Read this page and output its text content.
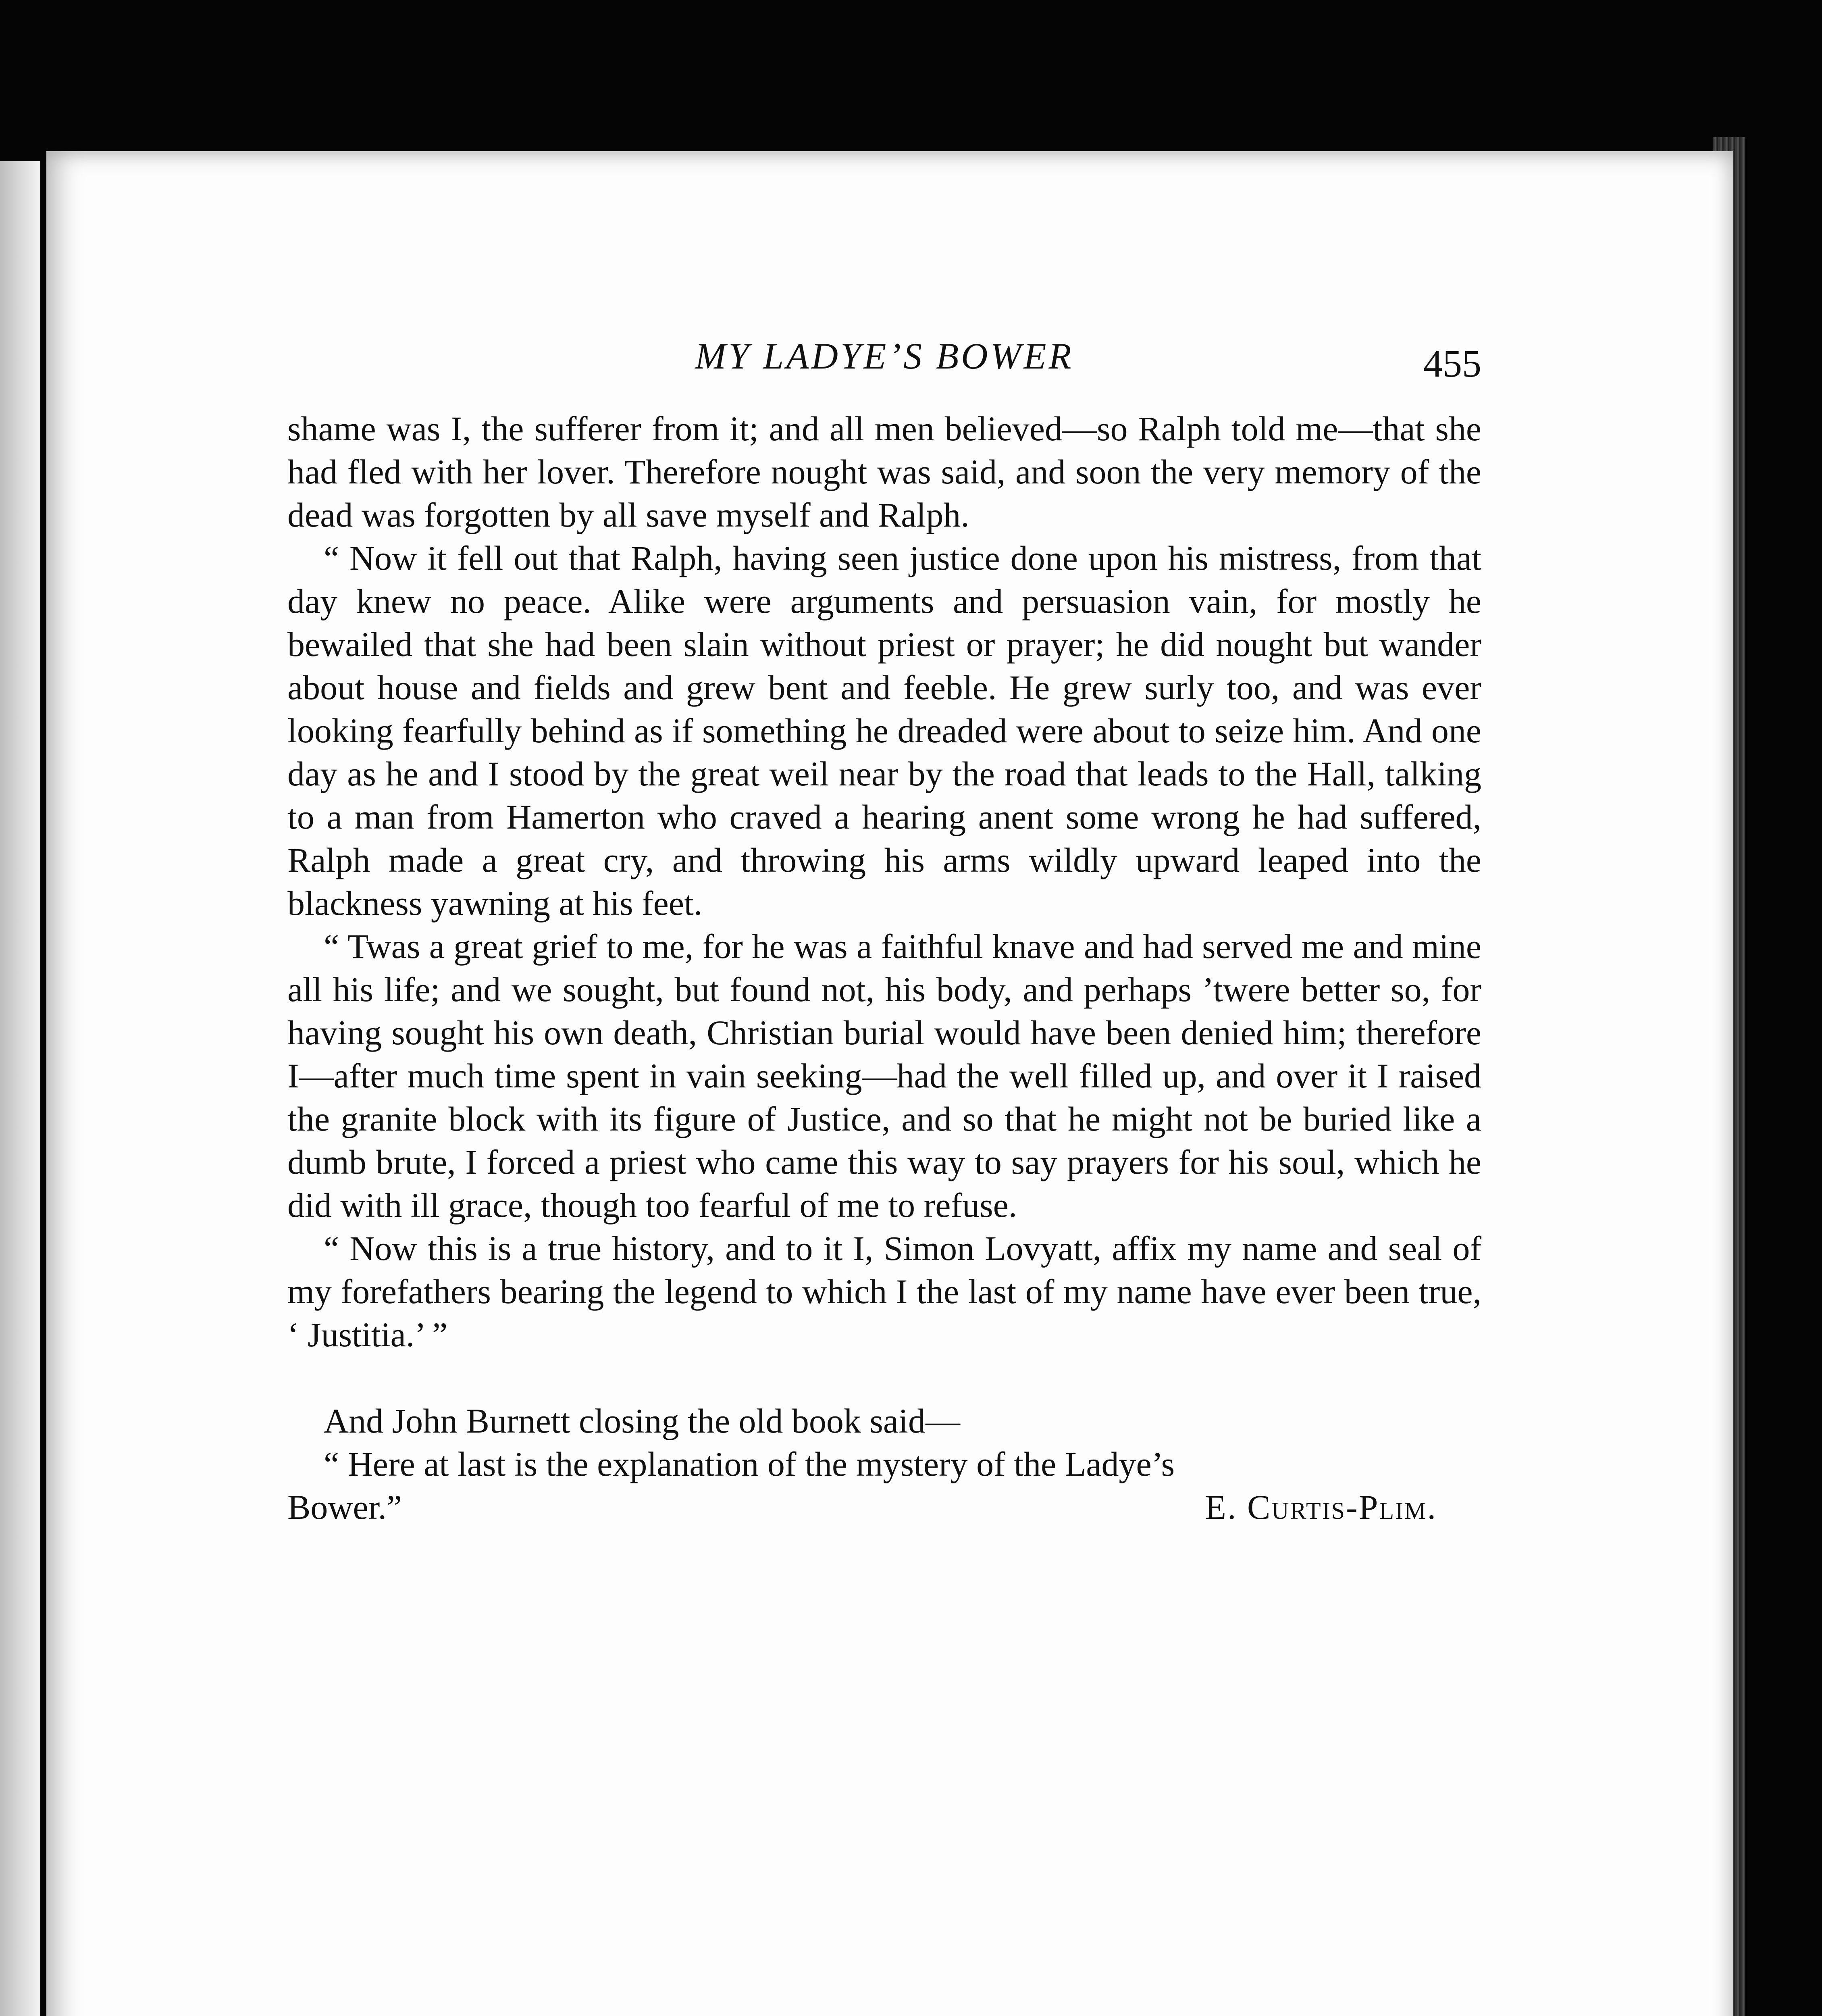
MY LADYE’S BOWER	455

shame was I, the sufferer from it; and all men believed—so Ralph told me—that she had fled with her lover. Therefore nought was said, and soon the very memory of the dead was forgotten by all save myself and Ralph.

“ Now it fell out that Ralph, having seen justice done upon his mistress, from that day knew no peace. Alike were arguments and persuasion vain, for mostly he bewailed that she had been slain without priest or prayer; he did nought but wander about house and fields and grew bent and feeble. He grew surly too, and was ever looking fearfully behind as if something he dreaded were about to seize him. And one day as he and I stood by the great weil near by the road that leads to the Hall, talking to a man from Hamerton who craved a hearing anent some wrong he had suffered, Ralph made a great cry, and throwing his arms wildly upward leaped into the blackness yawning at his feet.

“ Twas a great grief to me, for he was a faithful knave and had served me and mine all his life; and we sought, but found not, his body, and perhaps ’twere better so, for having sought his own death, Christian burial would have been denied him; therefore I—after much time spent in vain seeking—had the well filled up, and over it I raised the granite block with its figure of Justice, and so that he might not be buried like a dumb brute, I forced a priest who came this way to say prayers for his soul, which he did with ill grace, though too fearful of me to refuse.

“ Now this is a true history, and to it I, Simon Lovyatt, affix my name and seal of my forefathers bearing the legend to which I the last of my name have ever been true, ‘ Justitia.’ ”

And John Burnett closing the old book said—

“ Here at last is the explanation of the mystery of the Ladye’s

Bower.”	E. Curtis-Plim.
